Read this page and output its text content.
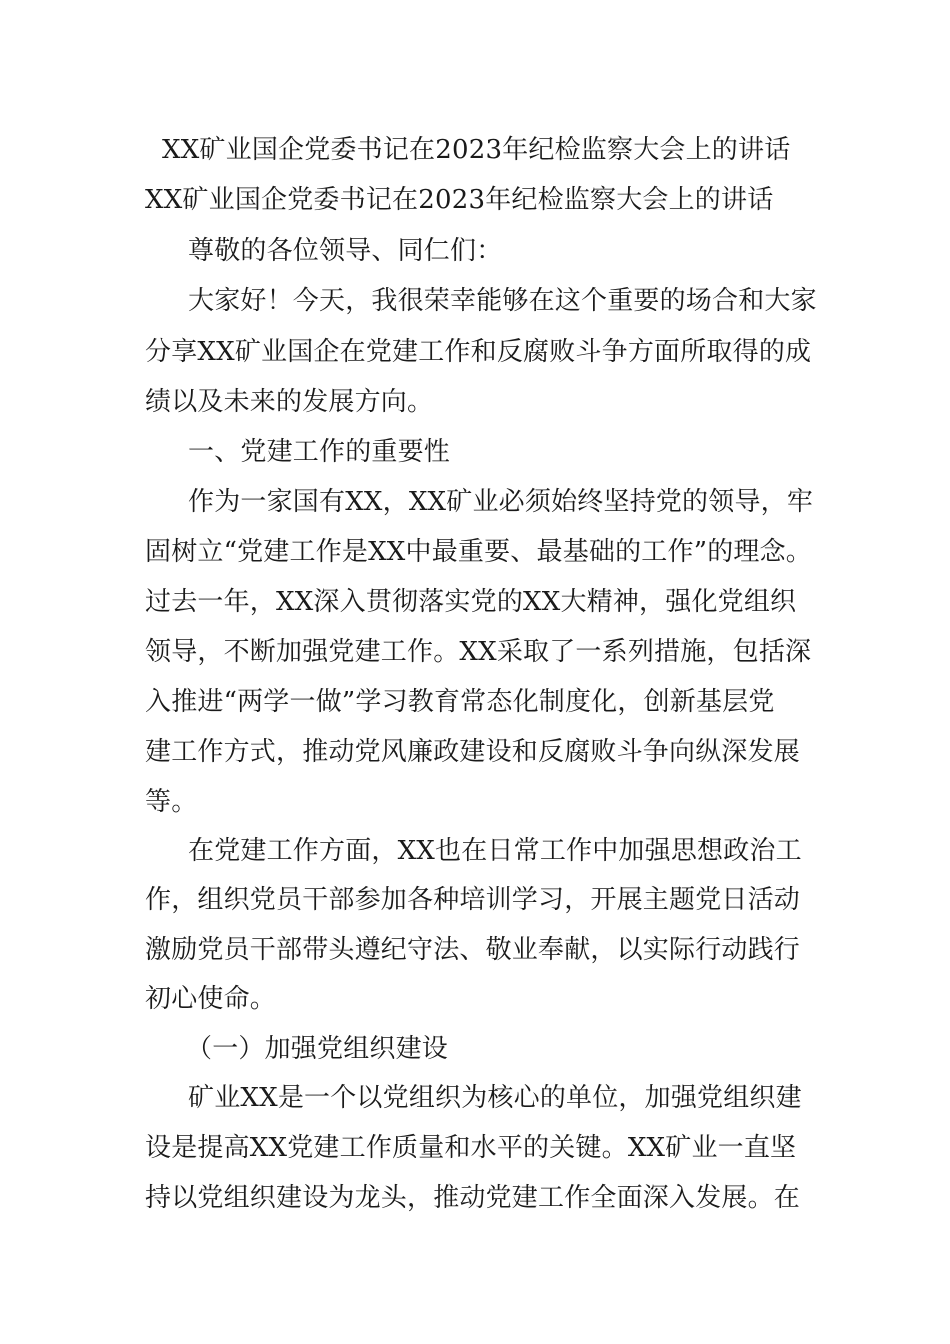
XX矿业国企党委书记在2023年纪检监察大会上的讲话
XX矿业国企党委书记在2023年纪检监察大会上的讲话
尊敬的各位领导、同仁们：
大家好！今天，我很荣幸能够在这个重要的场合和大家
分享XX矿业国企在党建工作和反腐败斗争方面所取得的成
绩以及未来的发展方向。
一、党建工作的重要性
作为一家国有XX，XX矿业必须始终坚持党的领导，牢
固树立“党建工作是XX中最重要、最基础的工作”的理念。
过去一年，XX深入贯彻落实党的XX大精神，强化党组织
领导，不断加强党建工作。XX采取了一系列措施，包括深
入推进“两学一做”学习教育常态化制度化，创新基层党
建工作方式，推动党风廉政建设和反腐败斗争向纵深发展
等。
在党建工作方面，XX也在日常工作中加强思想政治工
作，组织党员干部参加各种培训学习，开展主题党日活动
激励党员干部带头遵纪守法、敬业奉献，以实际行动践行
初心使命。
（一）加强党组织建设
矿业XX是一个以党组织为核心的单位，加强党组织建
设是提高XX党建工作质量和水平的关键。XX矿业一直坚
持以党组织建设为龙头，推动党建工作全面深入发展。在
